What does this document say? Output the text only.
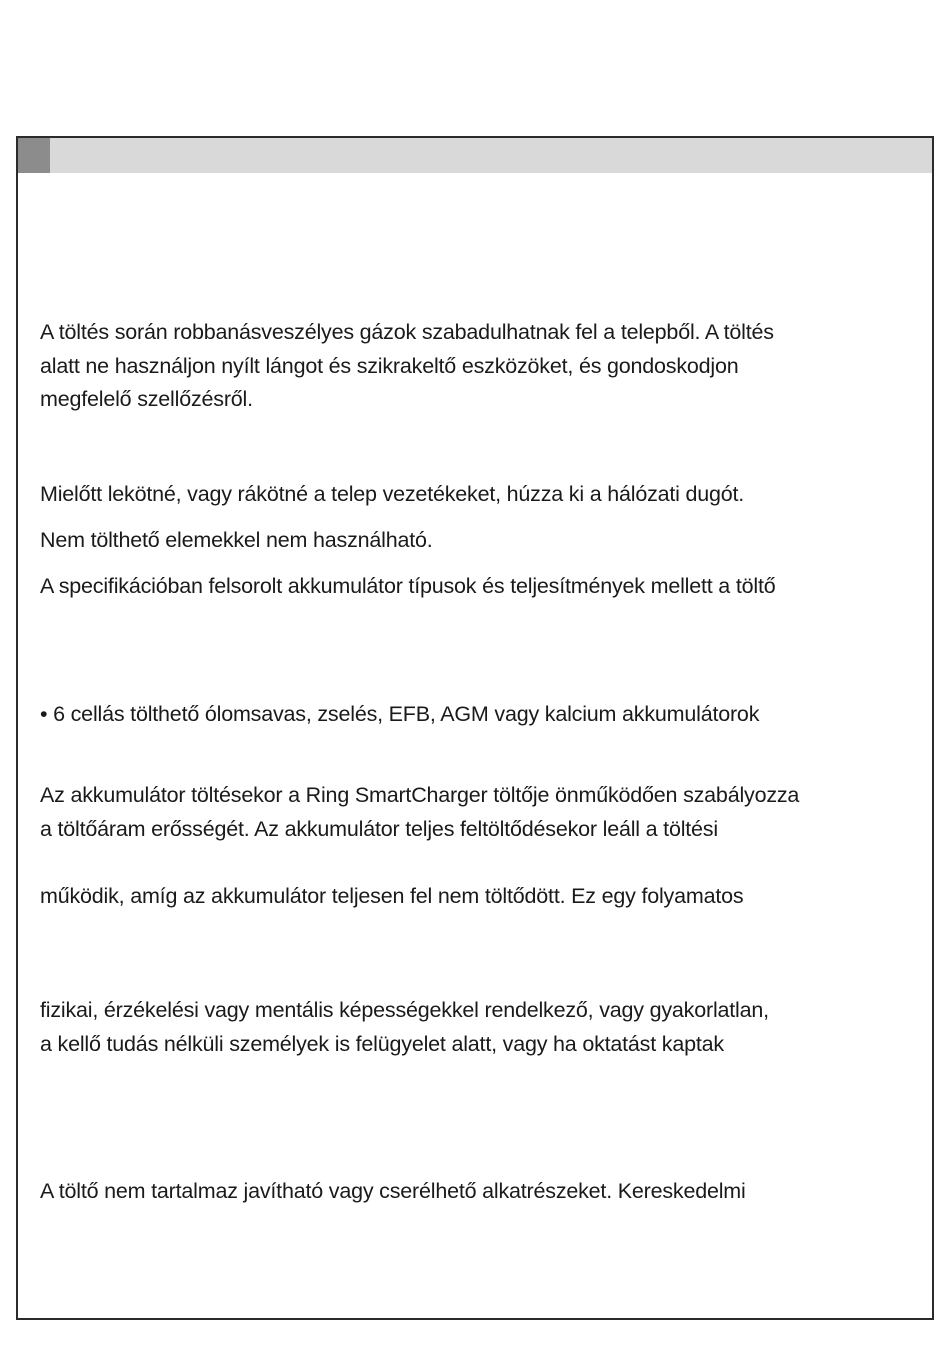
A töltés során robbanásveszélyes gázok szabadulhatnak fel a telepből. A töltés
alatt ne használjon nyílt lángot és szikrakeltő eszközöket, és gondoskodjon
megfelelő szellőzésről.

Mielőtt lekötné, vagy rákötné a telep vezetékeket, húzza ki a hálózati dugót.

Nem tölthető elemekkel nem használható.

A specifikációban felsorolt akkumulátor típusok és teljesítmények mellett a töltő

• 6 cellás tölthető ólomsavas, zselés, EFB, AGM vagy kalcium akkumulátorok

Az akkumulátor töltésekor a Ring SmartCharger töltője önműködően szabályozza
a töltőáram erősségét. Az akkumulátor teljes feltöltődésekor leáll a töltési

működik, amíg az akkumulátor teljesen fel nem töltődött. Ez egy folyamatos

fizikai, érzékelési vagy mentális képességekkel rendelkező, vagy gyakorlatlan,
a kellő tudás nélküli személyek is felügyelet alatt, vagy ha oktatást kaptak

A töltő nem tartalmaz javítható vagy cserélhető alkatrészeket. Kereskedelmi
